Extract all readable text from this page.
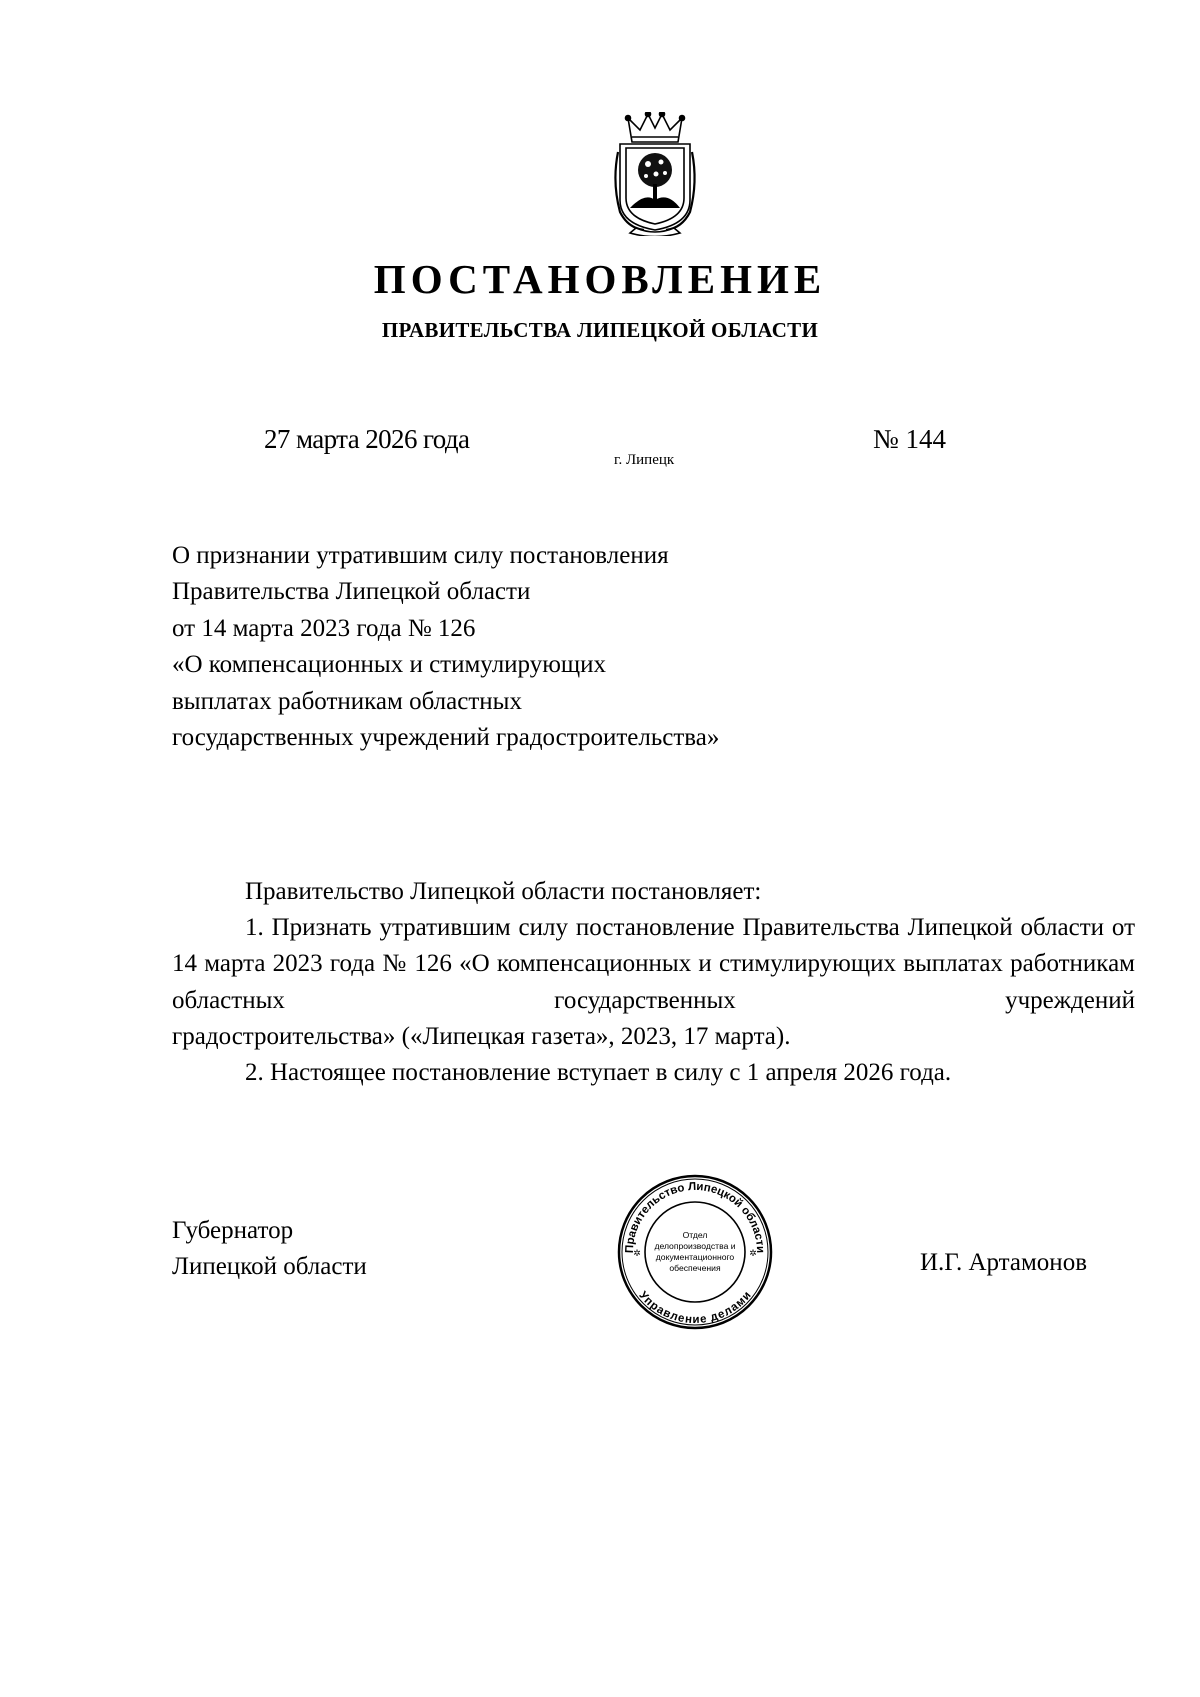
ПОСТАНОВЛЕНИЕ
ПРАВИТЕЛЬСТВА ЛИПЕЦКОЙ ОБЛАСТИ
27 марта 2026 года
г. Липецк
№ 144
О признании утратившим силу постановления
Правительства Липецкой области
от 14 марта 2023 года № 126
«О компенсационных и стимулирующих
выплатах работникам областных
государственных учреждений градостроительства»

Правительство Липецкой области постановляет:

1. Признать утратившим силу постановление Правительства Липецкой области от 14 марта 2023 года № 126 «О компенсационных и стимулирующих выплатах работникам областных государственных учреждений

градостроительства» («Липецкая газета», 2023, 17 марта).

2. Настоящее постановление вступает в силу с 1 апреля 2026 года.

Губернатор
Липецкой области	И.Г. Артамонов
Правительство Липецкой области
Управление делами
✲	✲
Отдел
делопроизводства и
документационного
обеспечения
